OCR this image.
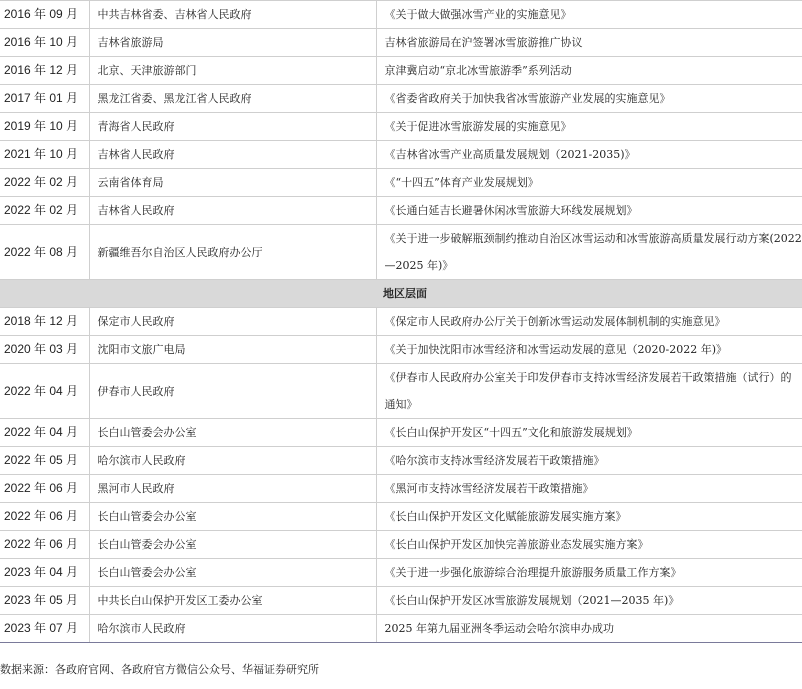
2016 年 09 月	中共吉林省委、吉林省人民政府	《关于做大做强冰雪产业的实施意见》
2016 年 10 月	吉林省旅游局	吉林省旅游局在沪签署冰雪旅游推广协议
2016 年 12 月	北京、天津旅游部门	京津冀启动“京北冰雪旅游季”系列活动
2017 年 01 月	黑龙江省委、黑龙江省人民政府	《省委省政府关于加快我省冰雪旅游产业发展的实施意见》
2019 年 10 月	青海省人民政府	《关于促进冰雪旅游发展的实施意见》
2021 年 10 月	吉林省人民政府	《吉林省冰雪产业高质量发展规划（2021-2035)》
2022 年 02 月	云南省体育局	《“十四五”体育产业发展规划》
2022 年 02 月	吉林省人民政府	《长通白延吉长避暑休闲冰雪旅游大环线发展规划》
2022 年 08 月	新疆维吾尔自治区人民政府办公厅	《关于进一步破解瓶颈制约推动自治区冰雪运动和冰雪旅游高质量发展行动方案(2022—2025 年)》
地区层面		
2018 年 12 月	保定市人民政府	《保定市人民政府办公厅关于创新冰雪运动发展体制机制的实施意见》
2020 年 03 月	沈阳市文旅广电局	《关于加快沈阳市冰雪经济和冰雪运动发展的意见（2020-2022 年)》
2022 年 04 月	伊春市人民政府	《伊春市人民政府办公室关于印发伊春市支持冰雪经济发展若干政策措施（试行）的通知》
2022 年 04 月	长白山管委会办公室	《长白山保护开发区“十四五”文化和旅游发展规划》
2022 年 05 月	哈尔滨市人民政府	《哈尔滨市支持冰雪经济发展若干政策措施》
2022 年 06 月	黑河市人民政府	《黑河市支持冰雪经济发展若干政策措施》
2022 年 06 月	长白山管委会办公室	《长白山保护开发区文化赋能旅游发展实施方案》
2022 年 06 月	长白山管委会办公室	《长白山保护开发区加快完善旅游业态发展实施方案》
2023 年 04 月	长白山管委会办公室	《关于进一步强化旅游综合治理提升旅游服务质量工作方案》
2023 年 05 月	中共长白山保护开发区工委办公室	《长白山保护开发区冰雪旅游发展规划（2021—2035 年)》
2023 年 07 月	哈尔滨市人民政府	2025 年第九届亚洲冬季运动会哈尔滨申办成功
数据来源：各政府官网、各政府官方微信公众号、华福证券研究所
